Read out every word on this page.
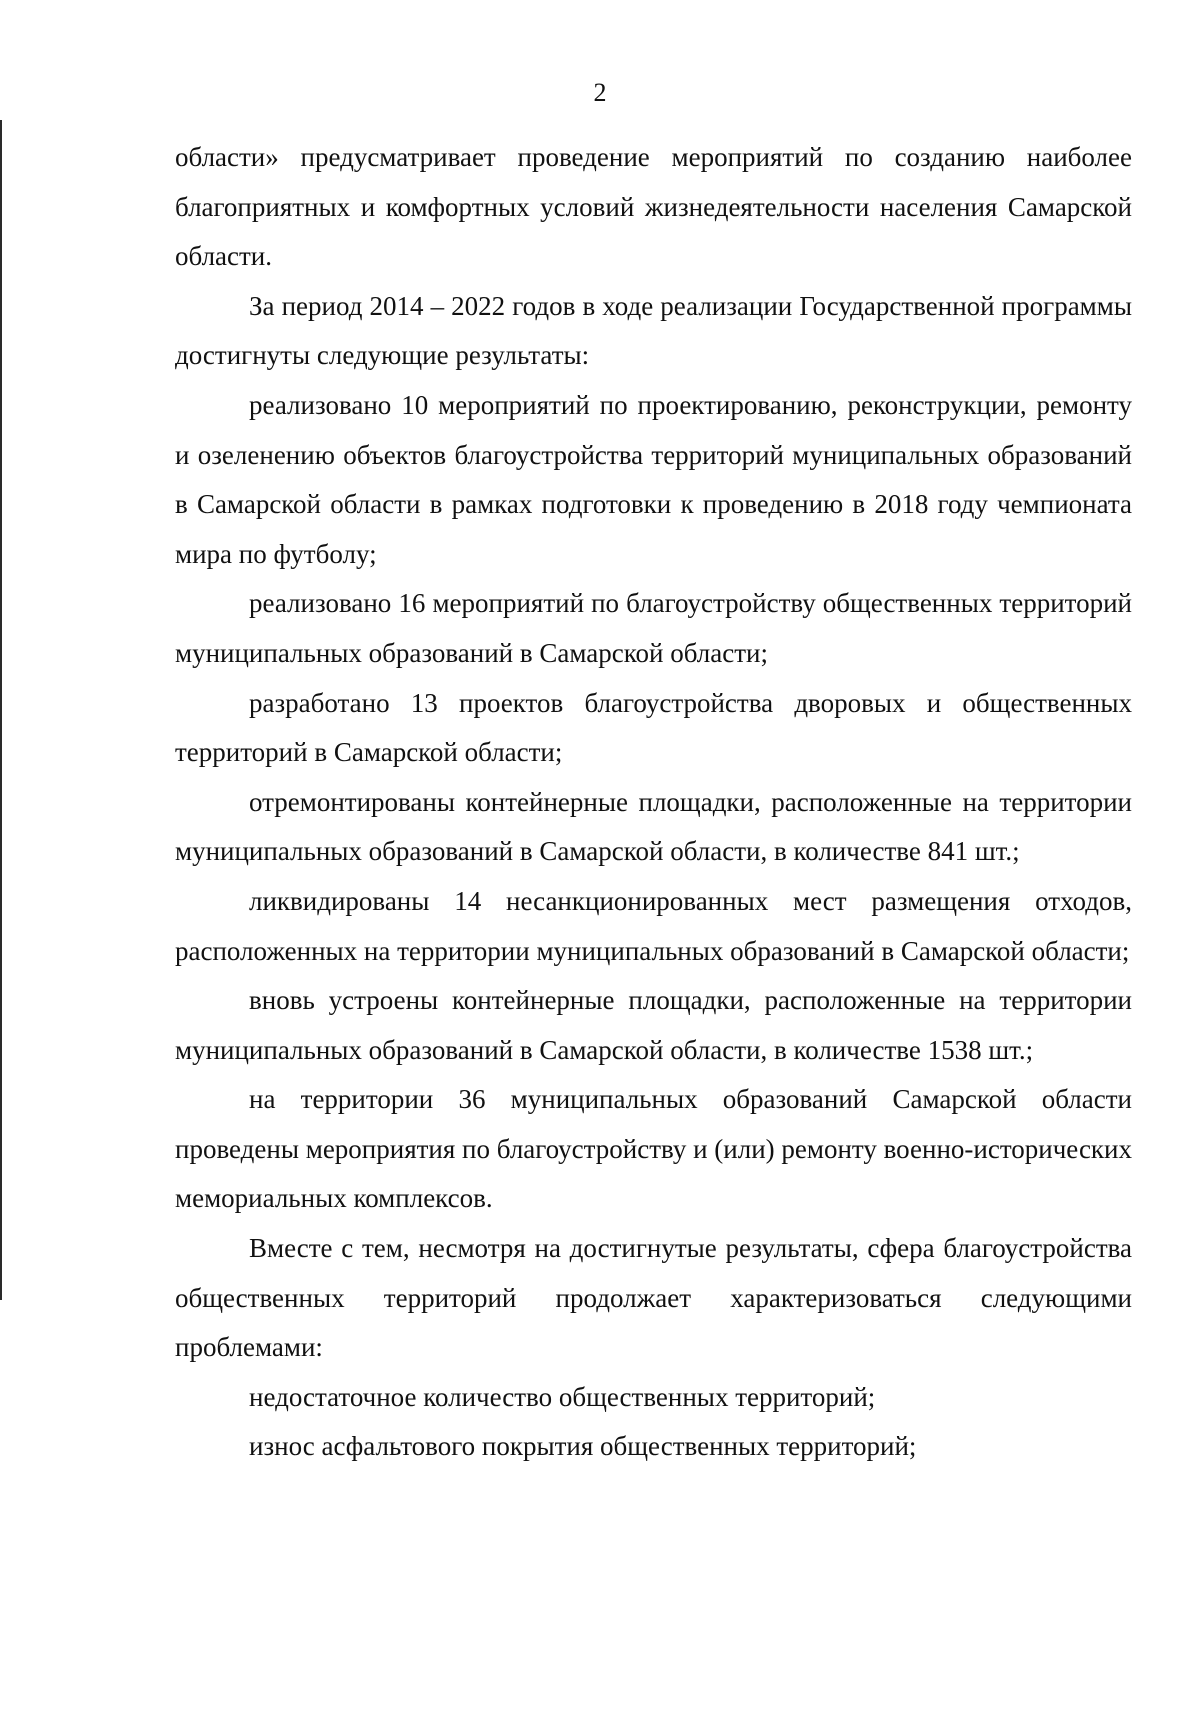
2

области» предусматривает проведение мероприятий по созданию наиболее благоприятных и комфортных условий жизнедеятельности населения Самарской области.

За период 2014 – 2022 годов в ходе реализации Государственной программы достигнуты следующие результаты:

реализовано 10 мероприятий по проектированию, реконструкции, ремонту и озеленению объектов благоустройства территорий муниципальных образований в Самарской области в рамках подготовки к проведению в 2018 году чемпионата мира по футболу;

реализовано 16 мероприятий по благоустройству общественных территорий муниципальных образований в Самарской области;

разработано 13 проектов благоустройства дворовых и общественных территорий в Самарской области;

отремонтированы контейнерные площадки, расположенные на территории муниципальных образований в Самарской области, в количестве 841 шт.;

ликвидированы 14 несанкционированных мест размещения отходов, расположенных на территории муниципальных образований в Самарской области;

вновь устроены контейнерные площадки, расположенные на территории муниципальных образований в Самарской области, в количестве 1538 шт.;

на территории 36 муниципальных образований Самарской области проведены мероприятия по благоустройству и (или) ремонту военно-исторических мемориальных комплексов.

Вместе с тем, несмотря на достигнутые результаты, сфера благоустройства общественных территорий продолжает характеризоваться следующими проблемами:

недостаточное количество общественных территорий;

износ асфальтового покрытия общественных территорий;
